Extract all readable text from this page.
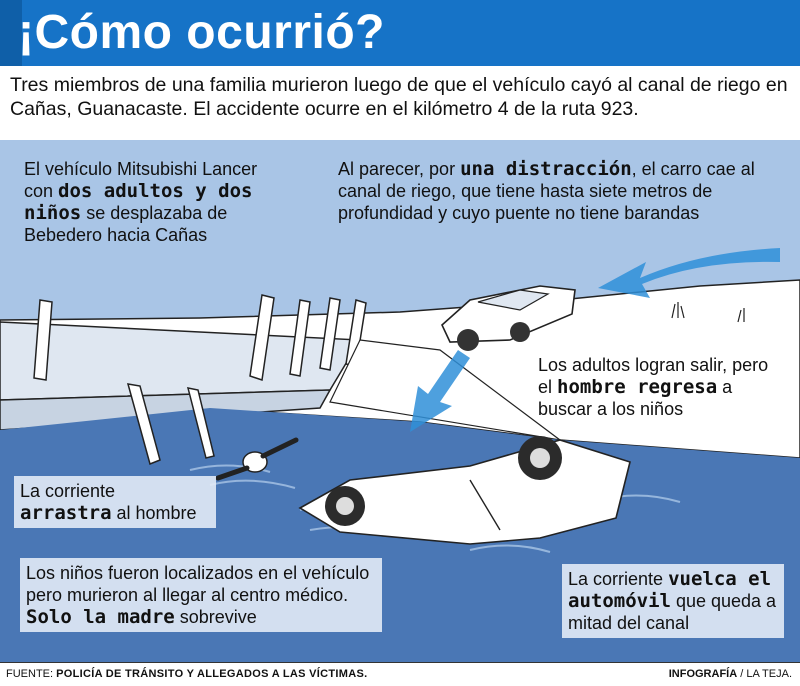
¡Cómo ocurrió?
Tres miembros de una familia murieron luego de que el vehículo cayó al canal de riego en Cañas, Guanacaste. El accidente ocurre en el kilómetro 4 de la ruta 923.
El vehículo Mitsubishi Lancer con dos adultos y dos niños se desplazaba de Bebedero hacia Cañas
Al parecer, por una distracción, el carro cae al canal de riego, que tiene hasta siete metros de profundidad y cuyo puente no tiene barandas
Los adultos logran salir, pero el hombre regresa a buscar a los niños
La corriente arrastra al hombre
Los niños fueron localizados en el vehículo pero murieron al llegar al centro médico. Solo la madre sobrevive
La corriente vuelca el automóvil que queda a mitad del canal
FUENTE: POLICÍA DE TRÁNSITO Y ALLEGADOS A LAS VÍCTIMAS.	INFOGRAFÍA / LA TEJA.
